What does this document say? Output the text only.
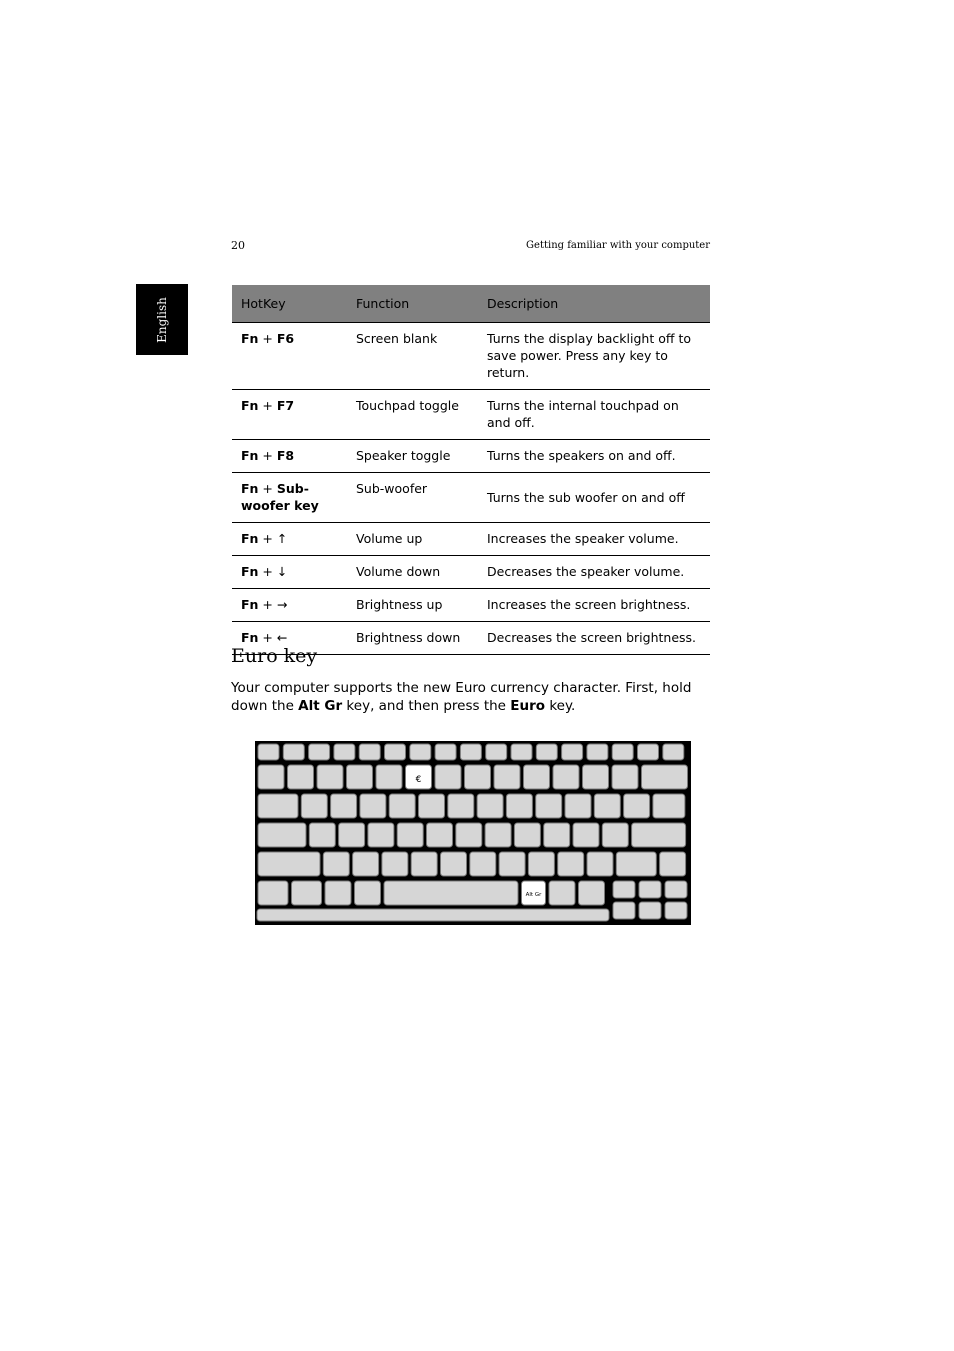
20	Getting familiar with your computer
English	HotKey	Function	Description
Fn + F6	Screen blank	Turns the display backlight off to save power. Press any key to return.
Fn + F7	Touchpad toggle	Turns the internal touchpad on and off.
Fn + F8	Speaker toggle	Turns the speakers on and off.
Fn + Sub-woofer key	Sub-woofer	Turns the sub woofer on and off
Fn + ↑	Volume up	Increases the speaker volume.
Fn + ↓	Volume down	Decreases the speaker volume.
Fn + →	Brightness up	Increases the screen brightness.
Fn + ←	Brightness down	Decreases the screen brightness.
Euro key

Your computer supports the new Euro currency character. First, hold down the Alt Gr key, and then press the Euro key.

€
Alt Gr
